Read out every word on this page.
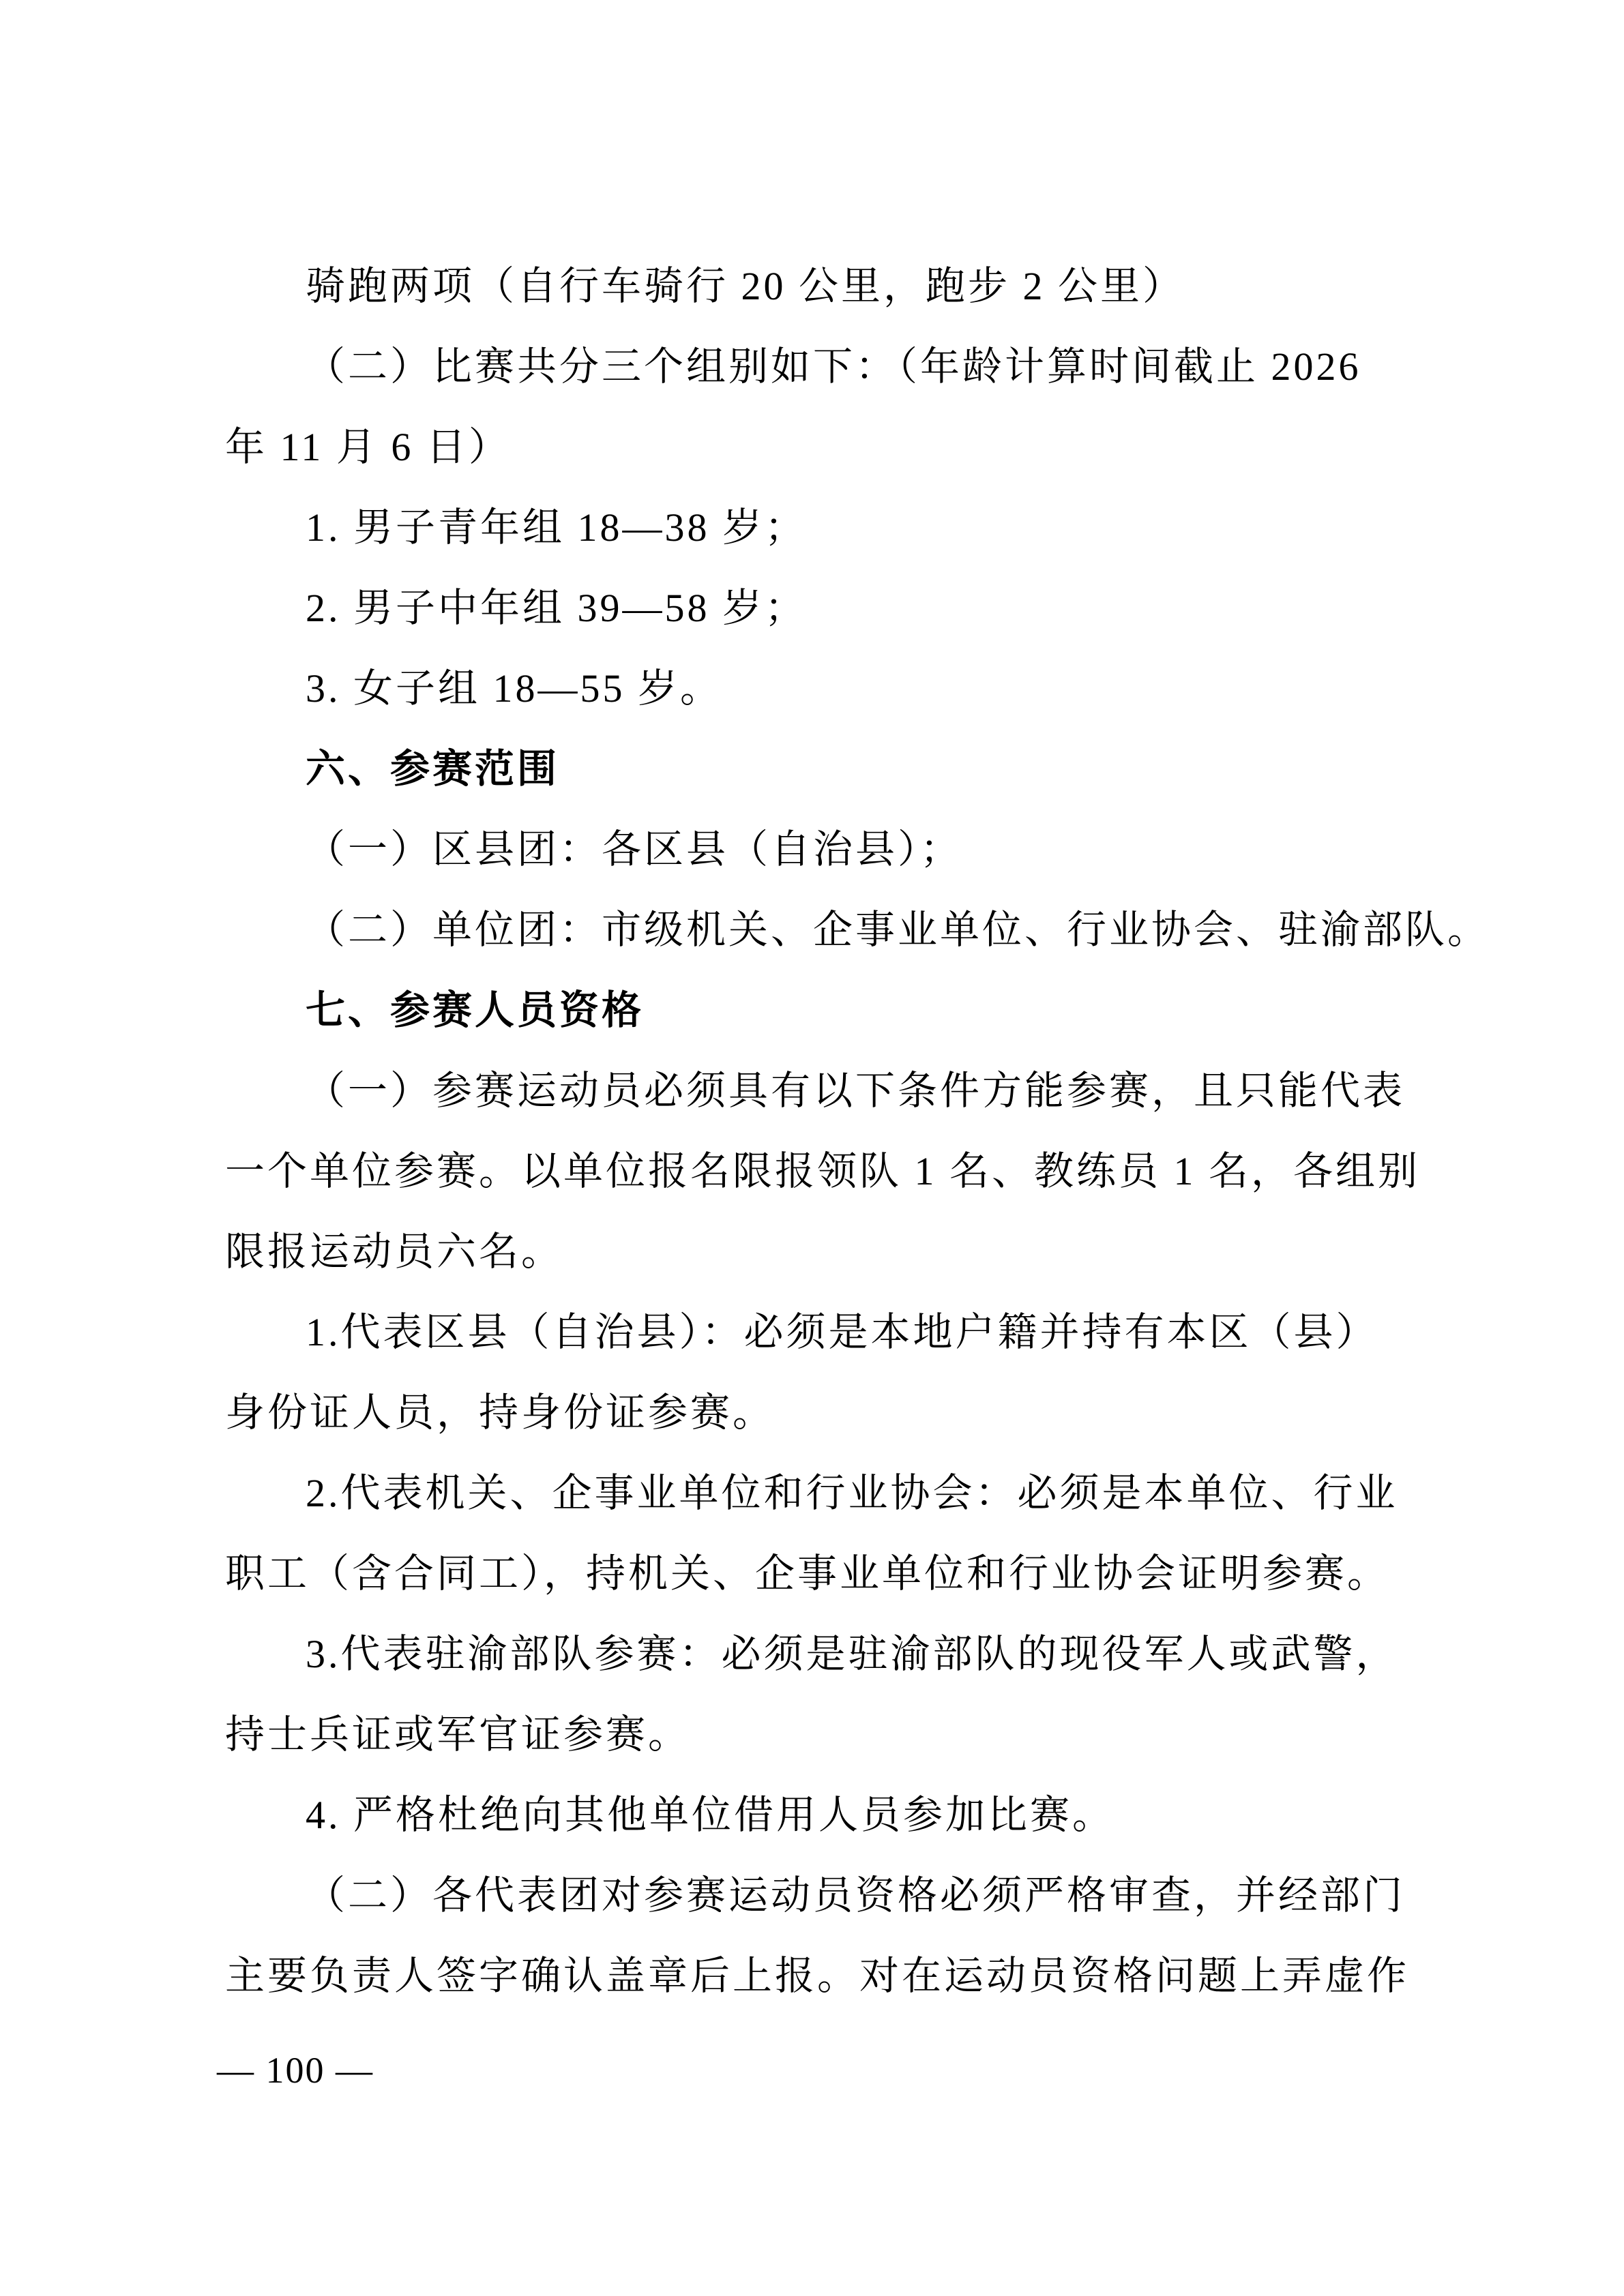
骑跑两项（自行车骑行 20 公里，跑步 2 公里）
（二）比赛共分三个组别如下：（年龄计算时间截止 2026
年 11 月 6 日）
1. 男子青年组 18—38 岁；
2. 男子中年组 39—58 岁；
3. 女子组 18—55 岁。
六、参赛范围
（一）区县团：各区县（自治县）；
（二）单位团：市级机关、企事业单位、行业协会、驻渝部队。
七、参赛人员资格
（一）参赛运动员必须具有以下条件方能参赛，且只能代表
一个单位参赛。以单位报名限报领队 1 名、教练员 1 名，各组别
限报运动员六名。
1.代表区县（自治县）：必须是本地户籍并持有本区（县）
身份证人员，持身份证参赛。
2.代表机关、企事业单位和行业协会：必须是本单位、行业
职工（含合同工），持机关、企事业单位和行业协会证明参赛。
3.代表驻渝部队参赛：必须是驻渝部队的现役军人或武警，
持士兵证或军官证参赛。
4. 严格杜绝向其他单位借用人员参加比赛。
（二）各代表团对参赛运动员资格必须严格审查，并经部门
主要负责人签字确认盖章后上报。对在运动员资格问题上弄虚作
— 100 —
